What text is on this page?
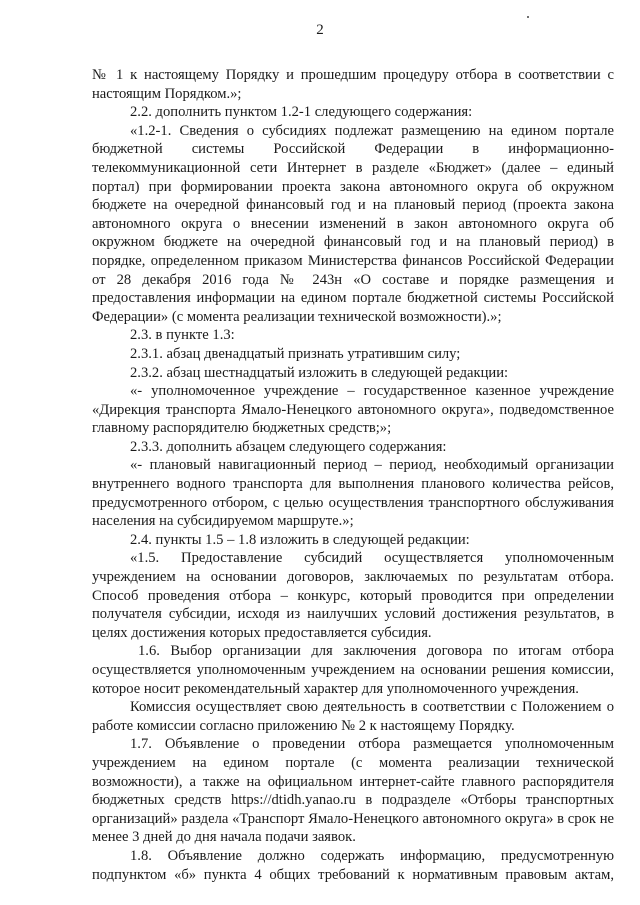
2

№ 1 к настоящему Порядку и прошедшим процедуру отбора в соответствии с настоящим Порядком.»;

2.2. дополнить пунктом 1.2-1 следующего содержания:

«1.2-1. Сведения о субсидиях подлежат размещению на едином портале бюджетной системы Российской Федерации в информационно-телекоммуникационной сети Интернет в разделе «Бюджет» (далее – единый портал) при формировании проекта закона автономного округа об окружном бюджете на очередной финансовый год и на плановый период (проекта закона автономного округа о внесении изменений в закон автономного округа об окружном бюджете на очередной финансовый год и на плановый период) в порядке, определенном приказом Министерства финансов Российской Федерации от 28 декабря 2016 года № 243н «О составе и порядке размещения и предоставления информации на едином портале бюджетной системы Российской Федерации» (с момента реализации технической возможности).»;

2.3. в пункте 1.3:

2.3.1. абзац двенадцатый признать утратившим силу;

2.3.2. абзац шестнадцатый изложить в следующей редакции:

«- уполномоченное учреждение – государственное казенное учреждение «Дирекция транспорта Ямало-Ненецкого автономного округа», подведомственное главному распорядителю бюджетных средств;»;

2.3.3. дополнить абзацем следующего содержания:

«- плановый навигационный период – период, необходимый организации внутреннего водного транспорта для выполнения планового количества рейсов, предусмотренного отбором, с целью осуществления транспортного обслуживания населения на субсидируемом маршруте.»;

2.4. пункты 1.5 – 1.8 изложить в следующей редакции:

«1.5. Предоставление субсидий осуществляется уполномоченным учреждением на основании договоров, заключаемых по результатам отбора. Способ проведения отбора – конкурс, который проводится при определении получателя субсидии, исходя из наилучших условий достижения результатов, в целях достижения которых предоставляется субсидия.

1.6. Выбор организации для заключения договора по итогам отбора осуществляется уполномоченным учреждением на основании решения комиссии, которое носит рекомендательный характер для уполномоченного учреждения.

Комиссия осуществляет свою деятельность в соответствии с Положением о работе комиссии согласно приложению № 2 к настоящему Порядку.

1.7. Объявление о проведении отбора размещается уполномоченным учреждением на едином портале (с момента реализации технической возможности), а также на официальном интернет-сайте главного распорядителя бюджетных средств https://dtidh.yanao.ru в подразделе «Отборы транспортных организаций» раздела «Транспорт Ямало-Ненецкого автономного округа» в срок не менее 3 дней до дня начала подачи заявок.

1.8. Объявление должно содержать информацию, предусмотренную подпунктом «б» пункта 4 общих требований к нормативным правовым актам,
